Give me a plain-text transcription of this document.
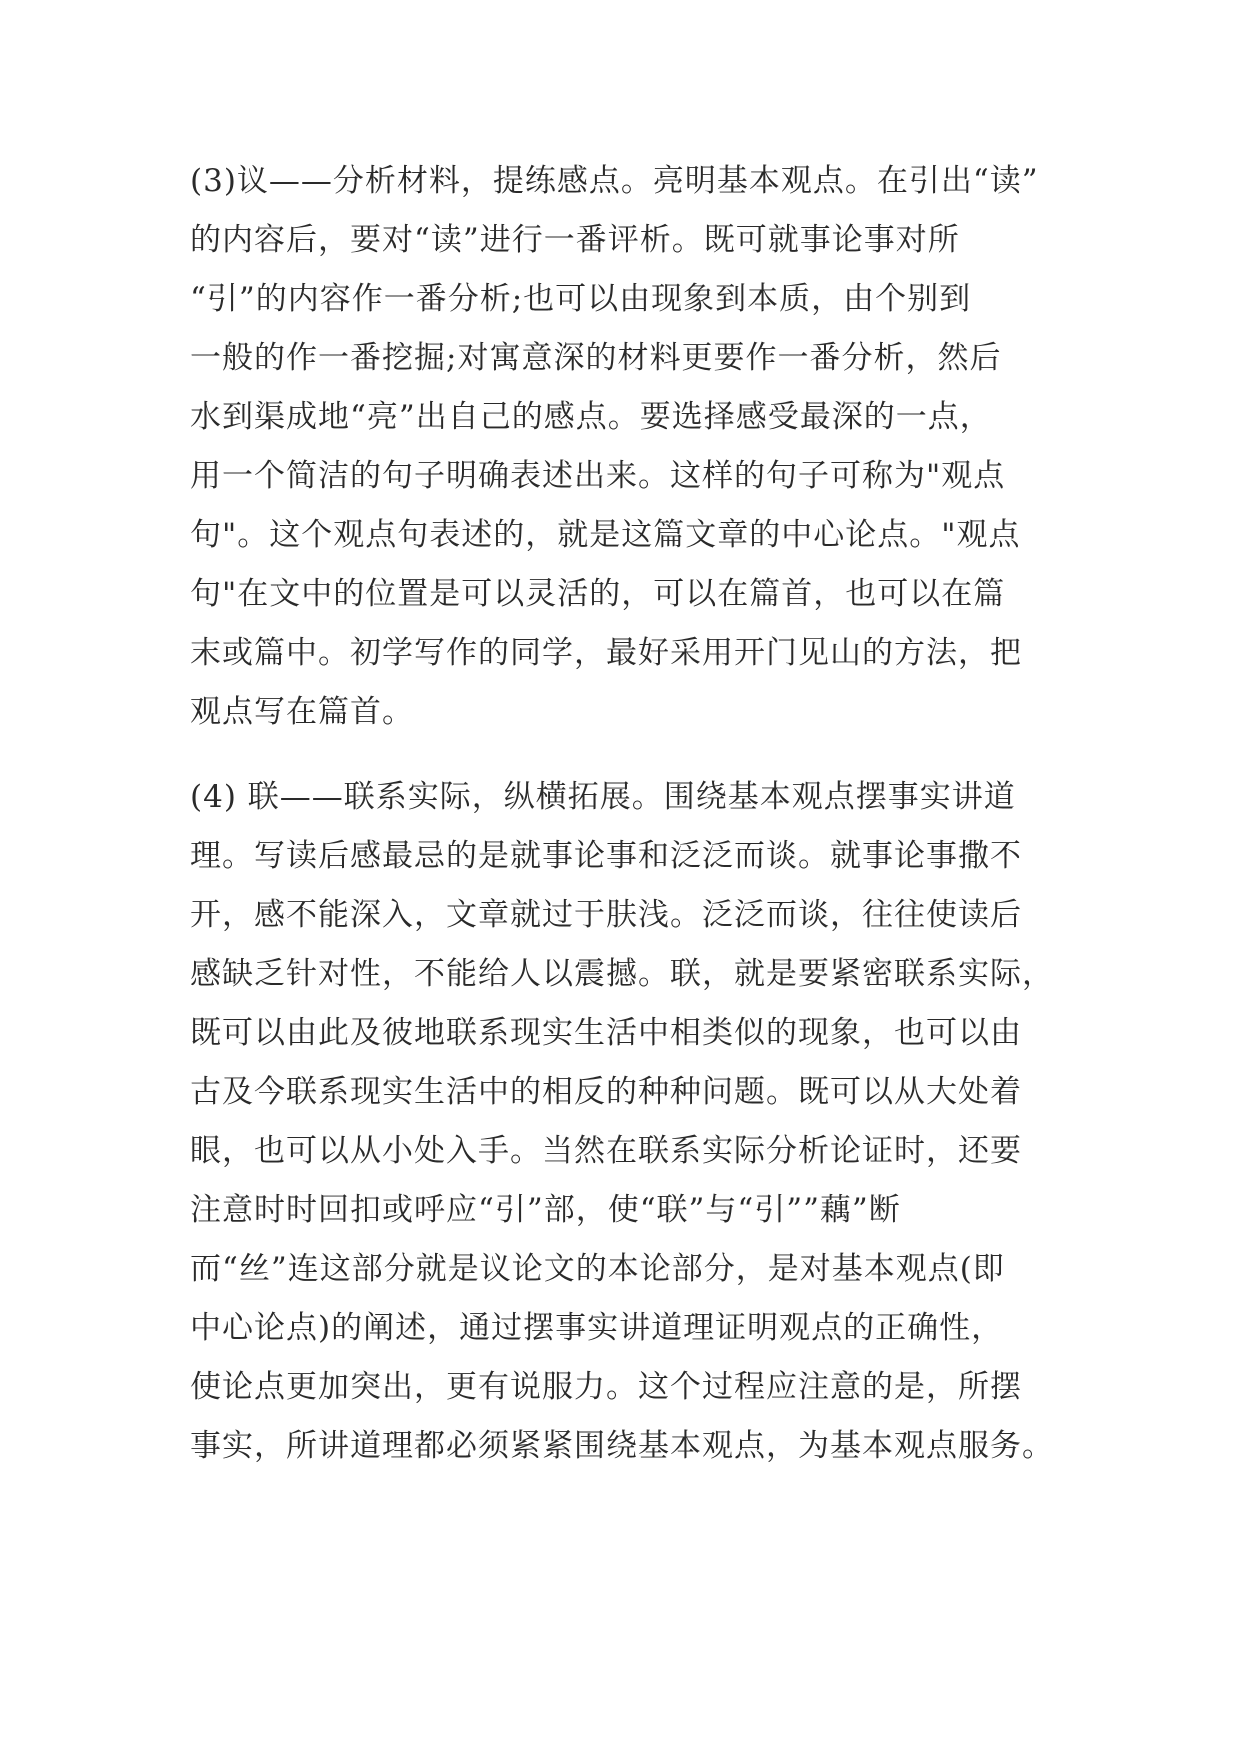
(3)议——分析材料，提练感点。亮明基本观点。在引出“读”
的内容后，要对“读”进行一番评析。既可就事论事对所
“引”的内容作一番分析;也可以由现象到本质，由个别到
一般的作一番挖掘;对寓意深的材料更要作一番分析，然后
水到渠成地“亮”出自己的感点。要选择感受最深的一点，
用一个简洁的句子明确表述出来。这样的句子可称为"观点
句"。这个观点句表述的，就是这篇文章的中心论点。"观点
句"在文中的位置是可以灵活的，可以在篇首，也可以在篇
末或篇中。初学写作的同学，最好采用开门见山的方法，把
观点写在篇首。

(4) 联——联系实际，纵横拓展。围绕基本观点摆事实讲道
理。写读后感最忌的是就事论事和泛泛而谈。就事论事撒不
开，感不能深入，文章就过于肤浅。泛泛而谈，往往使读后
感缺乏针对性，不能给人以震撼。联，就是要紧密联系实际，
既可以由此及彼地联系现实生活中相类似的现象，也可以由
古及今联系现实生活中的相反的种种问题。既可以从大处着
眼，也可以从小处入手。当然在联系实际分析论证时，还要
注意时时回扣或呼应“引”部，使“联”与“引””藕”断
而“丝”连这部分就是议论文的本论部分，是对基本观点(即
中心论点)的阐述，通过摆事实讲道理证明观点的正确性，
使论点更加突出，更有说服力。这个过程应注意的是，所摆
事实，所讲道理都必须紧紧围绕基本观点，为基本观点服务。
